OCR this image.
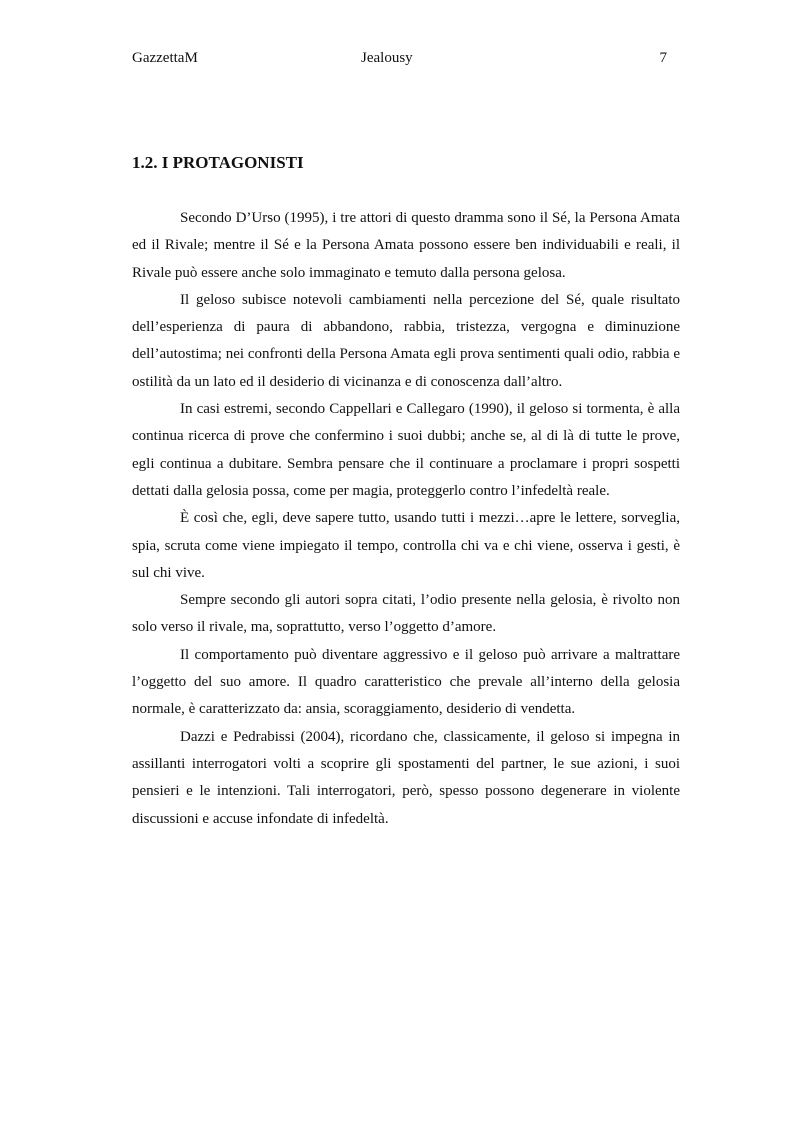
GazzettaM	Jealousy	7
1.2. I PROTAGONISTI

Secondo D’Urso (1995), i tre attori di questo dramma sono il Sé, la Persona Amata ed il Rivale; mentre il Sé e la Persona Amata possono essere ben individuabili e reali, il Rivale può essere anche solo immaginato e temuto dalla persona gelosa.

Il geloso subisce notevoli cambiamenti nella percezione del Sé, quale risultato dell’esperienza di paura di abbandono, rabbia, tristezza, vergogna e diminuzione dell’autostima; nei confronti della Persona Amata egli prova sentimenti quali odio, rabbia e ostilità da un lato ed il desiderio di vicinanza e di conoscenza dall’altro.

In casi estremi, secondo Cappellari e Callegaro (1990), il geloso si tormenta, è alla continua ricerca di prove che confermino i suoi dubbi; anche se, al di là di tutte le prove, egli continua a dubitare. Sembra pensare che il continuare a proclamare i propri sospetti dettati dalla gelosia possa, come per magia, proteggerlo contro l’infedeltà reale.

È così che, egli, deve sapere tutto, usando tutti i mezzi…apre le lettere, sorveglia, spia, scruta come viene impiegato il tempo, controlla chi va e chi viene, osserva i gesti, è sul chi vive.

Sempre secondo gli autori sopra citati, l’odio presente nella gelosia, è rivolto non solo verso il rivale, ma, soprattutto, verso l’oggetto d’amore.

Il comportamento può diventare aggressivo e il geloso può arrivare a maltrattare l’oggetto del suo amore. Il quadro caratteristico che prevale all’interno della gelosia normale, è caratterizzato da: ansia, scoraggiamento, desiderio di vendetta.

Dazzi e Pedrabissi (2004), ricordano che, classicamente, il geloso si impegna in assillanti interrogatori volti a scoprire gli spostamenti del partner, le sue azioni, i suoi pensieri e le intenzioni. Tali interrogatori, però, spesso possono degenerare in violente discussioni e accuse infondate di infedeltà.
